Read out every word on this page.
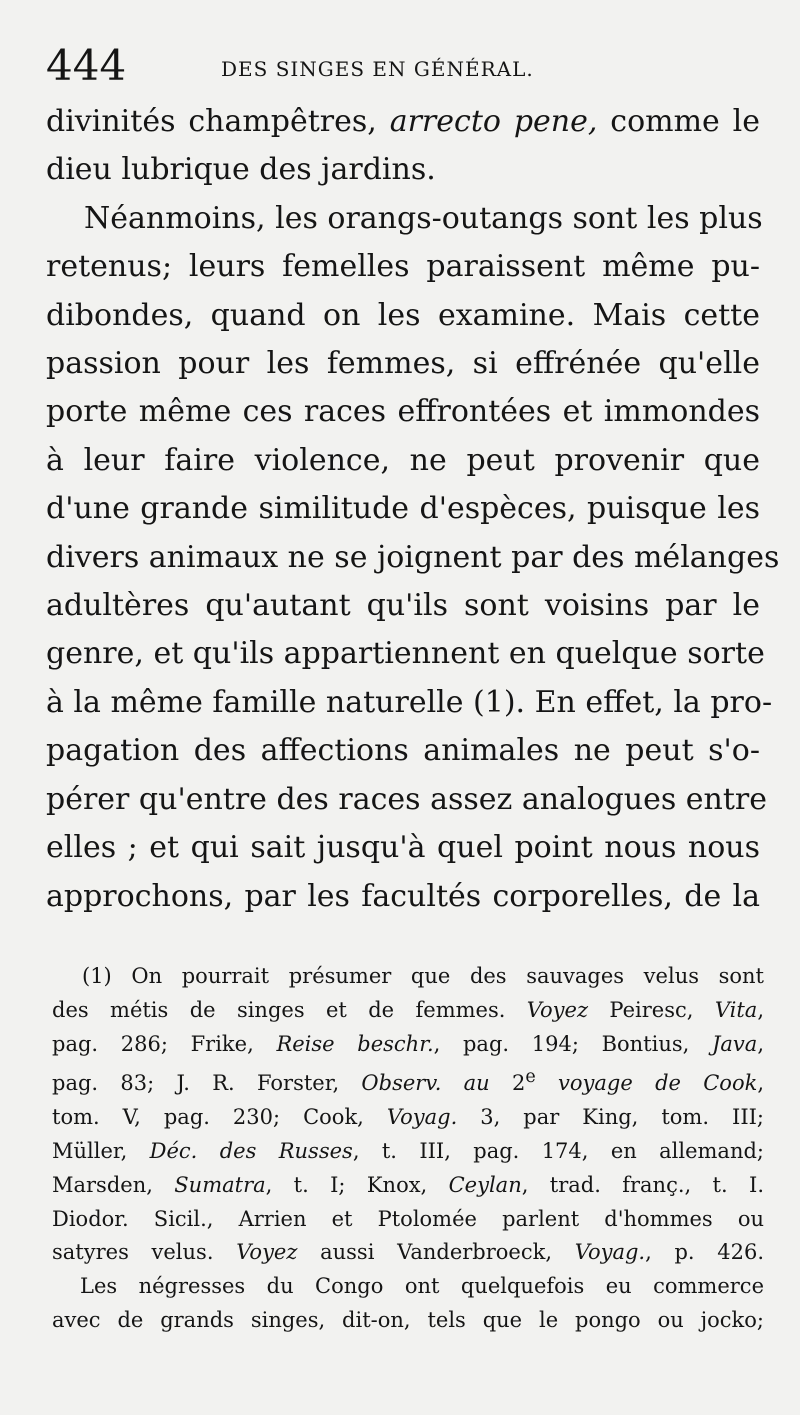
444	DES SINGES EN GÉNÉRAL.
divinités champêtres, arrecto pene, comme le
dieu lubrique des jardins.
Néanmoins, les orangs-outangs sont les plus
retenus; leurs femelles paraissent même pu-
dibondes, quand on les examine. Mais cette
passion pour les femmes, si effrénée qu'elle
porte même ces races effrontées et immondes
à leur faire violence, ne peut provenir que
d'une grande similitude d'espèces, puisque les
divers animaux ne se joignent par des mélanges
adultères qu'autant qu'ils sont voisins par le
genre, et qu'ils appartiennent en quelque sorte
à la même famille naturelle (1). En effet, la pro-
pagation des affections animales ne peut s'o-
pérer qu'entre des races assez analogues entre
elles ; et qui sait jusqu'à quel point nous nous
approchons, par les facultés corporelles, de la
(1) On pourrait présumer que des sauvages velus sont
des métis de singes et de femmes. Voyez Peiresc, Vita,
pag. 286; Frike, Reise beschr., pag. 194; Bontius, Java,
pag. 83; J. R. Forster, Observ. au 2e voyage de Cook,
tom. V, pag. 230; Cook, Voyag. 3, par King, tom. III;
Müller, Déc. des Russes, t. III, pag. 174, en allemand;
Marsden, Sumatra, t. I; Knox, Ceylan, trad. franç., t. I.
Diodor. Sicil., Arrien et Ptolomée parlent d'hommes ou
satyres velus. Voyez aussi Vanderbroeck, Voyag., p. 426.
Les négresses du Congo ont quelquefois eu commerce
avec de grands singes, dit-on, tels que le pongo ou jocko;
